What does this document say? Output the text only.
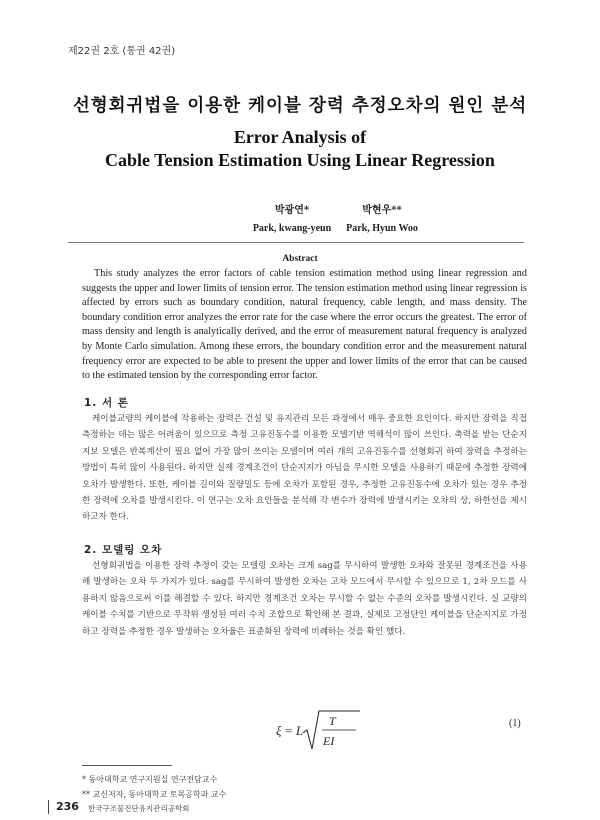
제22권 2호 (통권 42권)
선형회귀법을 이용한 케이블 장력 추정오차의 원인 분석
Error Analysis of
Cable Tension Estimation Using Linear Regression
박광연*
Park, kwang-yeun
박현우**
Park, Hyun Woo
Abstract
This study analyzes the error factors of cable tension estimation method using linear regression and suggests the upper and lower limits of tension error. The tension estimation method using linear regression is affected by errors such as boundary condition, natural frequency, cable length, and mass density. The boundary condition error analyzes the error rate for the case where the error occurs the greatest. The error of mass density and length is analytically derived, and the error of measurement natural frequency is analyzed by Monte Carlo simulation. Among these errors, the boundary condition error and the measurement natural frequency error are expected to be able to present the upper and lower limits of the error that can be caused to the estimated tension by the corresponding error factor.
1. 서 론
케이블교량의 케이블에 작용하는 장력은 건설 및 유지관리 모든 과정에서 매우 중요한 요인이다. 하지만 장력을 직접 측정하는 데는 많은 어려움이 있으므로 측정 고유진동수를 이용한 모델기반 역해석이 많이 쓰인다. 축력을 받는 단순지지보 모델은 반복계산이 필요 없어 가장 많이 쓰이는 모델이며 여러 개의 고유진동수를 선형회귀 하여 장력을 추정하는 방법이 특히 많이 사용된다. 하지만 실제 경계조건이 단순지지가 아님을 무시한 모델을 사용하기 때문에 추정한 장력에 오차가 발생한다. 또한, 케이블 길이와 질량밀도 등에 오차가 포함된 경우, 추정한 고유진동수에 오차가 있는 경우 추정한 장력에 오차를 발생시킨다. 이 연구는 오차 요인들을 분석해 각 변수가 장력에 발생시키는 오차의 상, 하한선을 제시하고자 한다.
2. 모델링 오차
선형회귀법을 이용한 장력 추정이 갖는 모델링 오차는 크게 sag를 무시하여 발생한 오차와 잘못된 경계조건을 사용해 발생하는 오차 두 가지가 있다. sag를 무시하여 발생한 오차는 고차 모드에서 무시할 수 있으므로 1, 2차 모드를 사용하지 않음으로써 이를 해결할 수 있다. 하지만 경계조건 오차는 무시할 수 없는 수준의 오차를 발생시킨다. 실 교량의 케이블 수치를 기반으로 무작위 생성된 여러 수치 조합으로 확인해 본 결과, 실제로 고정단인 케이블을 단순지지로 가정하고 장력을 추정한 경우 발생하는 오차율은 표준화된 장력에 비례하는 것을 확인 했다.
ξ = L
T
EI
(1)
* 동아대학교 연구지원실 연구전담교수
** 교신저자, 동아대학교 토목공학과 교수
236 한국구조물진단유지관리공학회
